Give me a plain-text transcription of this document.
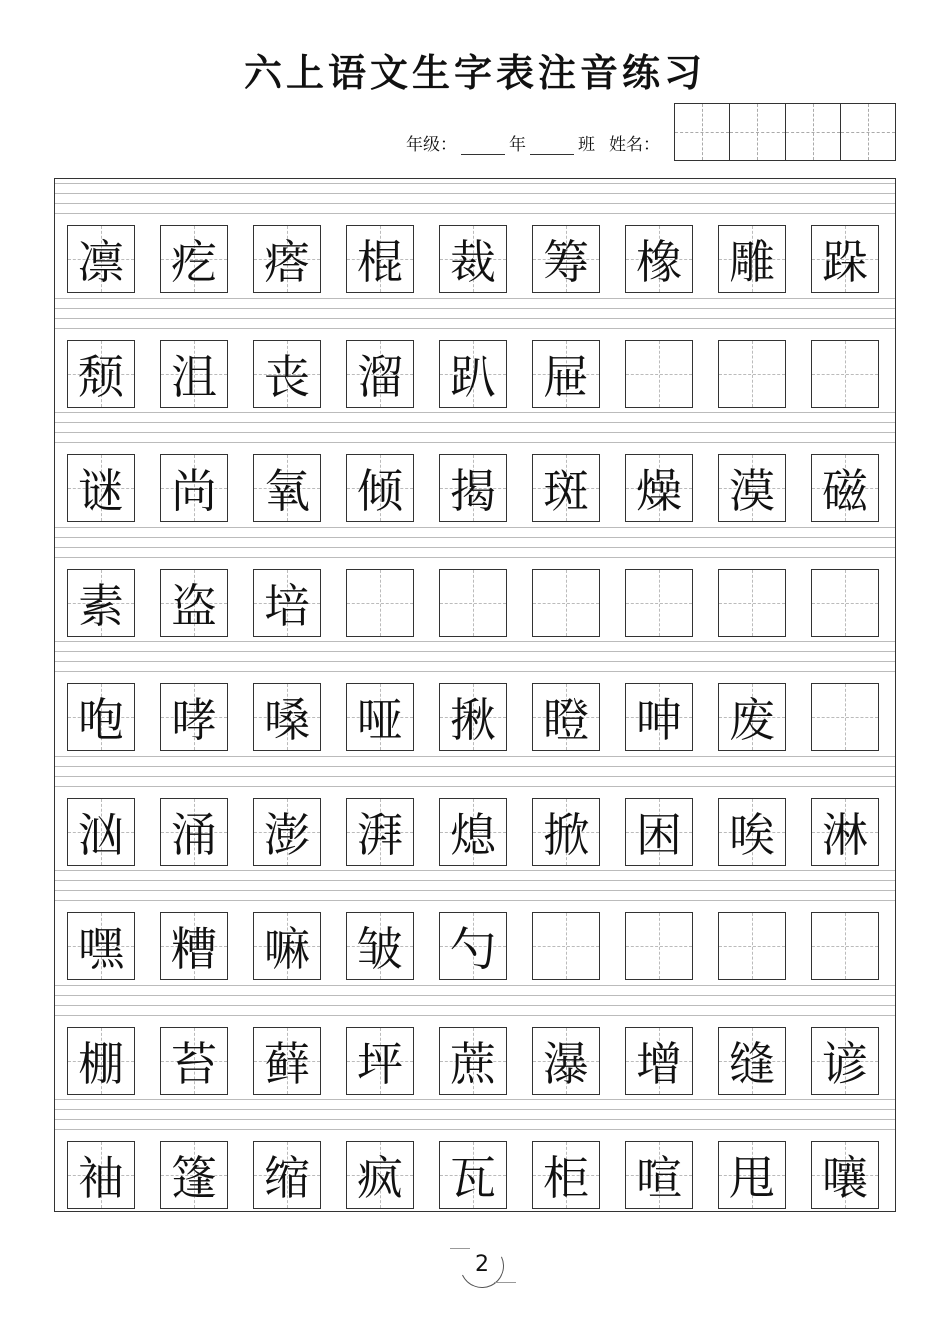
六上语文生字表注音练习
年级：	年	班 姓名：
凛 疙 瘩 棍 裁 筹 橡 雕 跺
颓 沮 丧 溜 趴 屉
谜 尚 氧 倾 揭 斑 燥 漠 磁
素 盗 培
咆 哮 嗓 哑 揪 瞪 呻 废
汹 涌 澎 湃 熄 掀 困 唉 淋
嘿 糟 嘛 皱 勺
棚 苔 藓 坪 蔗 瀑 增 缝 谚
袖 篷 缩 疯 瓦 柜 喧 甩 嚷
2
